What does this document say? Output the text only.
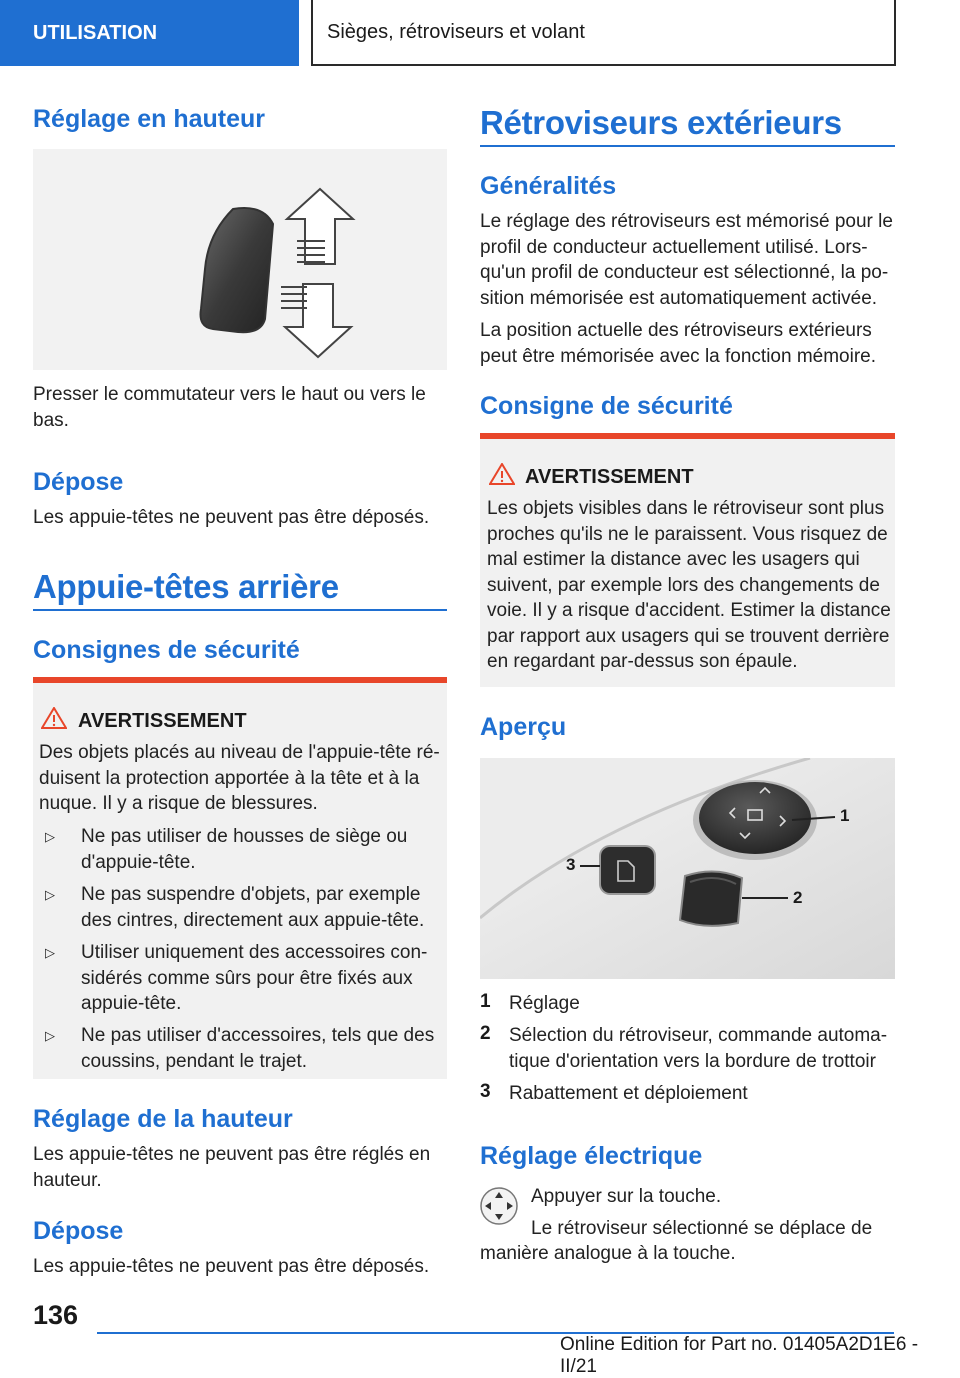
UTILISATION	Sièges, rétroviseurs et volant
Réglage en hauteur
Presser le commutateur vers le haut ou vers le
bas.
Dépose
Les appuie-têtes ne peuvent pas être déposés.
Appuie-têtes arrière
Consignes de sécurité
AVERTISSEMENT
Des objets placés au niveau de l'appuie-tête ré-
duisent la protection apportée à la tête et à la
nuque. Il y a risque de blessures.
▷ Ne pas utiliser de housses de siège ou
d'appuie-tête.
▷ Ne pas suspendre d'objets, par exemple
des cintres, directement aux appuie-tête.
▷ Utiliser uniquement des accessoires con-
sidérés comme sûrs pour être fixés aux
appuie-tête.
▷ Ne pas utiliser d'accessoires, tels que des
coussins, pendant le trajet.
Réglage de la hauteur
Les appuie-têtes ne peuvent pas être réglés en
hauteur.
Dépose
Les appuie-têtes ne peuvent pas être déposés.
Rétroviseurs extérieurs
Généralités
Le réglage des rétroviseurs est mémorisé pour le
profil de conducteur actuellement utilisé. Lors-
qu'un profil de conducteur est sélectionné, la po-
sition mémorisée est automatiquement activée.
La position actuelle des rétroviseurs extérieurs
peut être mémorisée avec la fonction mémoire.
Consigne de sécurité
AVERTISSEMENT
Les objets visibles dans le rétroviseur sont plus
proches qu'ils ne le paraissent. Vous risquez de
mal estimer la distance avec les usagers qui
suivent, par exemple lors des changements de
voie. Il y a risque d'accident. Estimer la distance
par rapport aux usagers qui se trouvent derrière
en regardant par-dessus son épaule.
Aperçu
1
2
3
1 Réglage
2 Sélection du rétroviseur, commande automa-
tique d'orientation vers la bordure de trottoir
3 Rabattement et déploiement
Réglage électrique
Appuyer sur la touche.
Le rétroviseur sélectionné se déplace de
manière analogue à la touche.
136
Online Edition for Part no. 01405A2D1E6 - II/21
